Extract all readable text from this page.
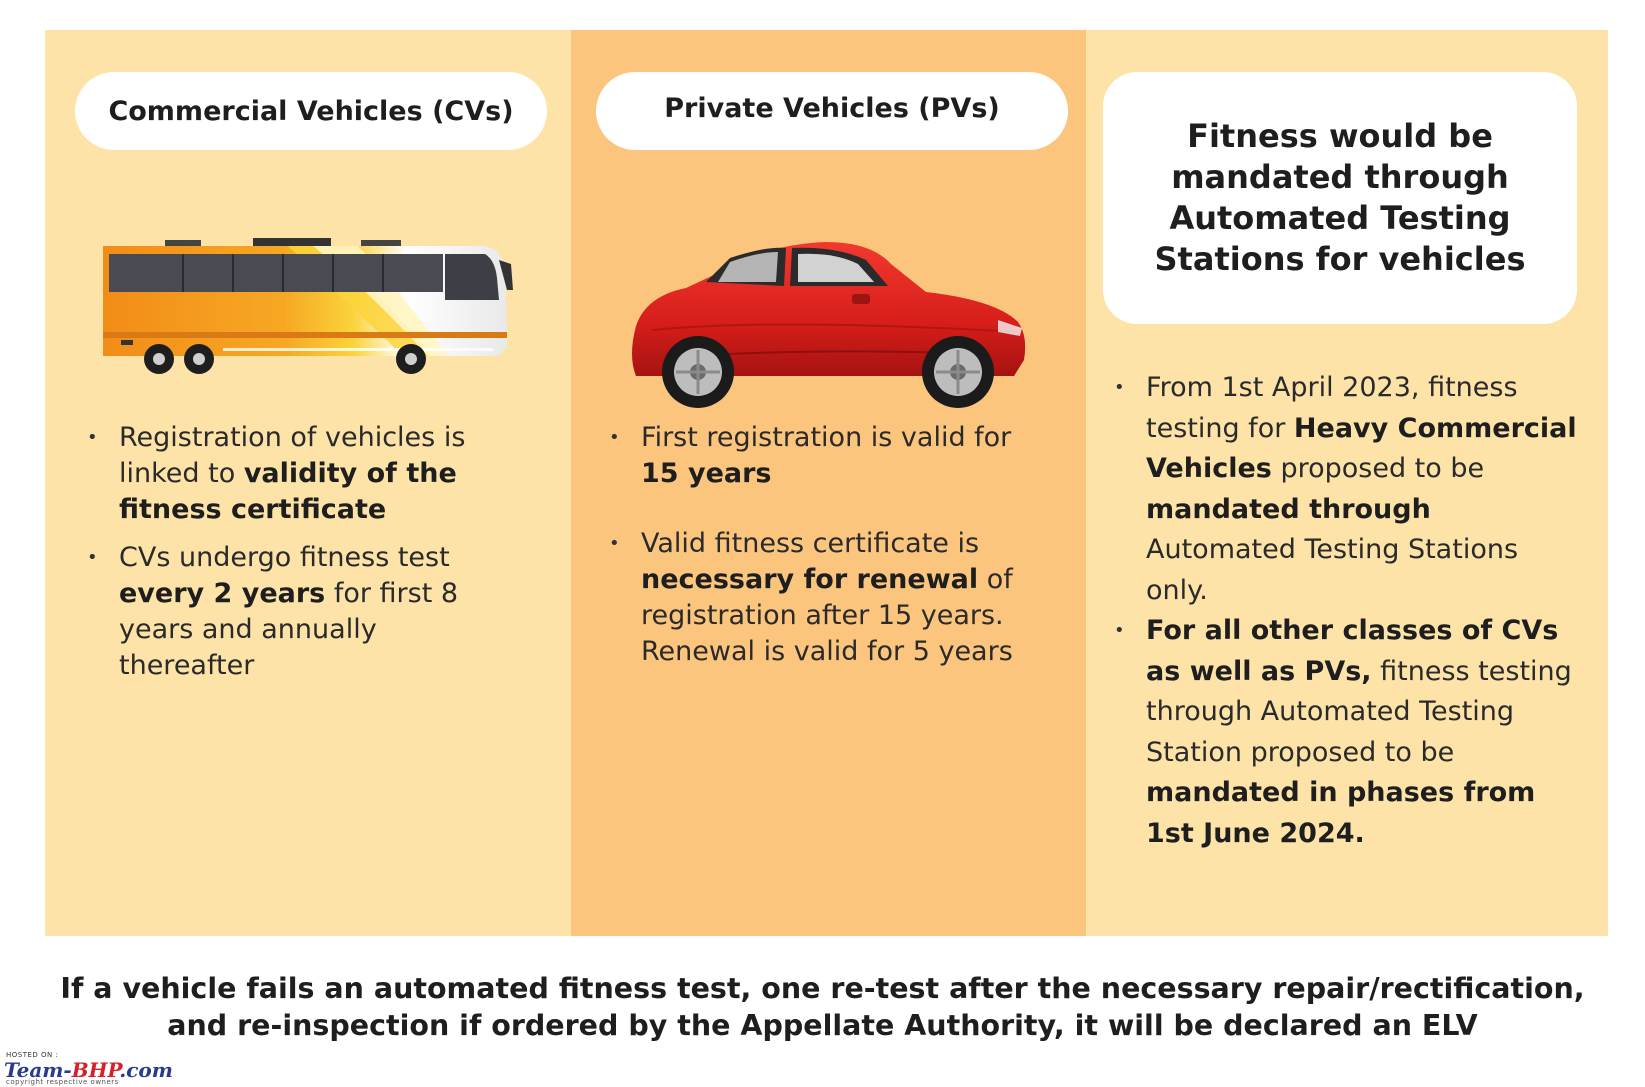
Commercial Vehicles (CVs)
• Registration of vehicles is linked to validity of the fitness certificate
• CVs undergo fitness test every 2 years for first 8 years and annually thereafter
Private Vehicles (PVs)
• First registration is valid for 15 years
• Valid fitness certificate is necessary for renewal of registration after 15 years. Renewal is valid for 5 years
Fitness would be mandated through Automated Testing Stations for vehicles
• From 1st April 2023, fitness testing for Heavy Commercial Vehicles proposed to be mandated through Automated Testing Stations only.
• For all other classes of CVs as well as PVs, fitness testing through Automated Testing Station proposed to be mandated in phases from 1st June 2024.
If a vehicle fails an automated fitness test, one re-test after the necessary repair/rectification,
and re-inspection if ordered by the Appellate Authority, it will be declared an ELV
HOSTED ON :
Team-BHP.com
copyright respective owners
